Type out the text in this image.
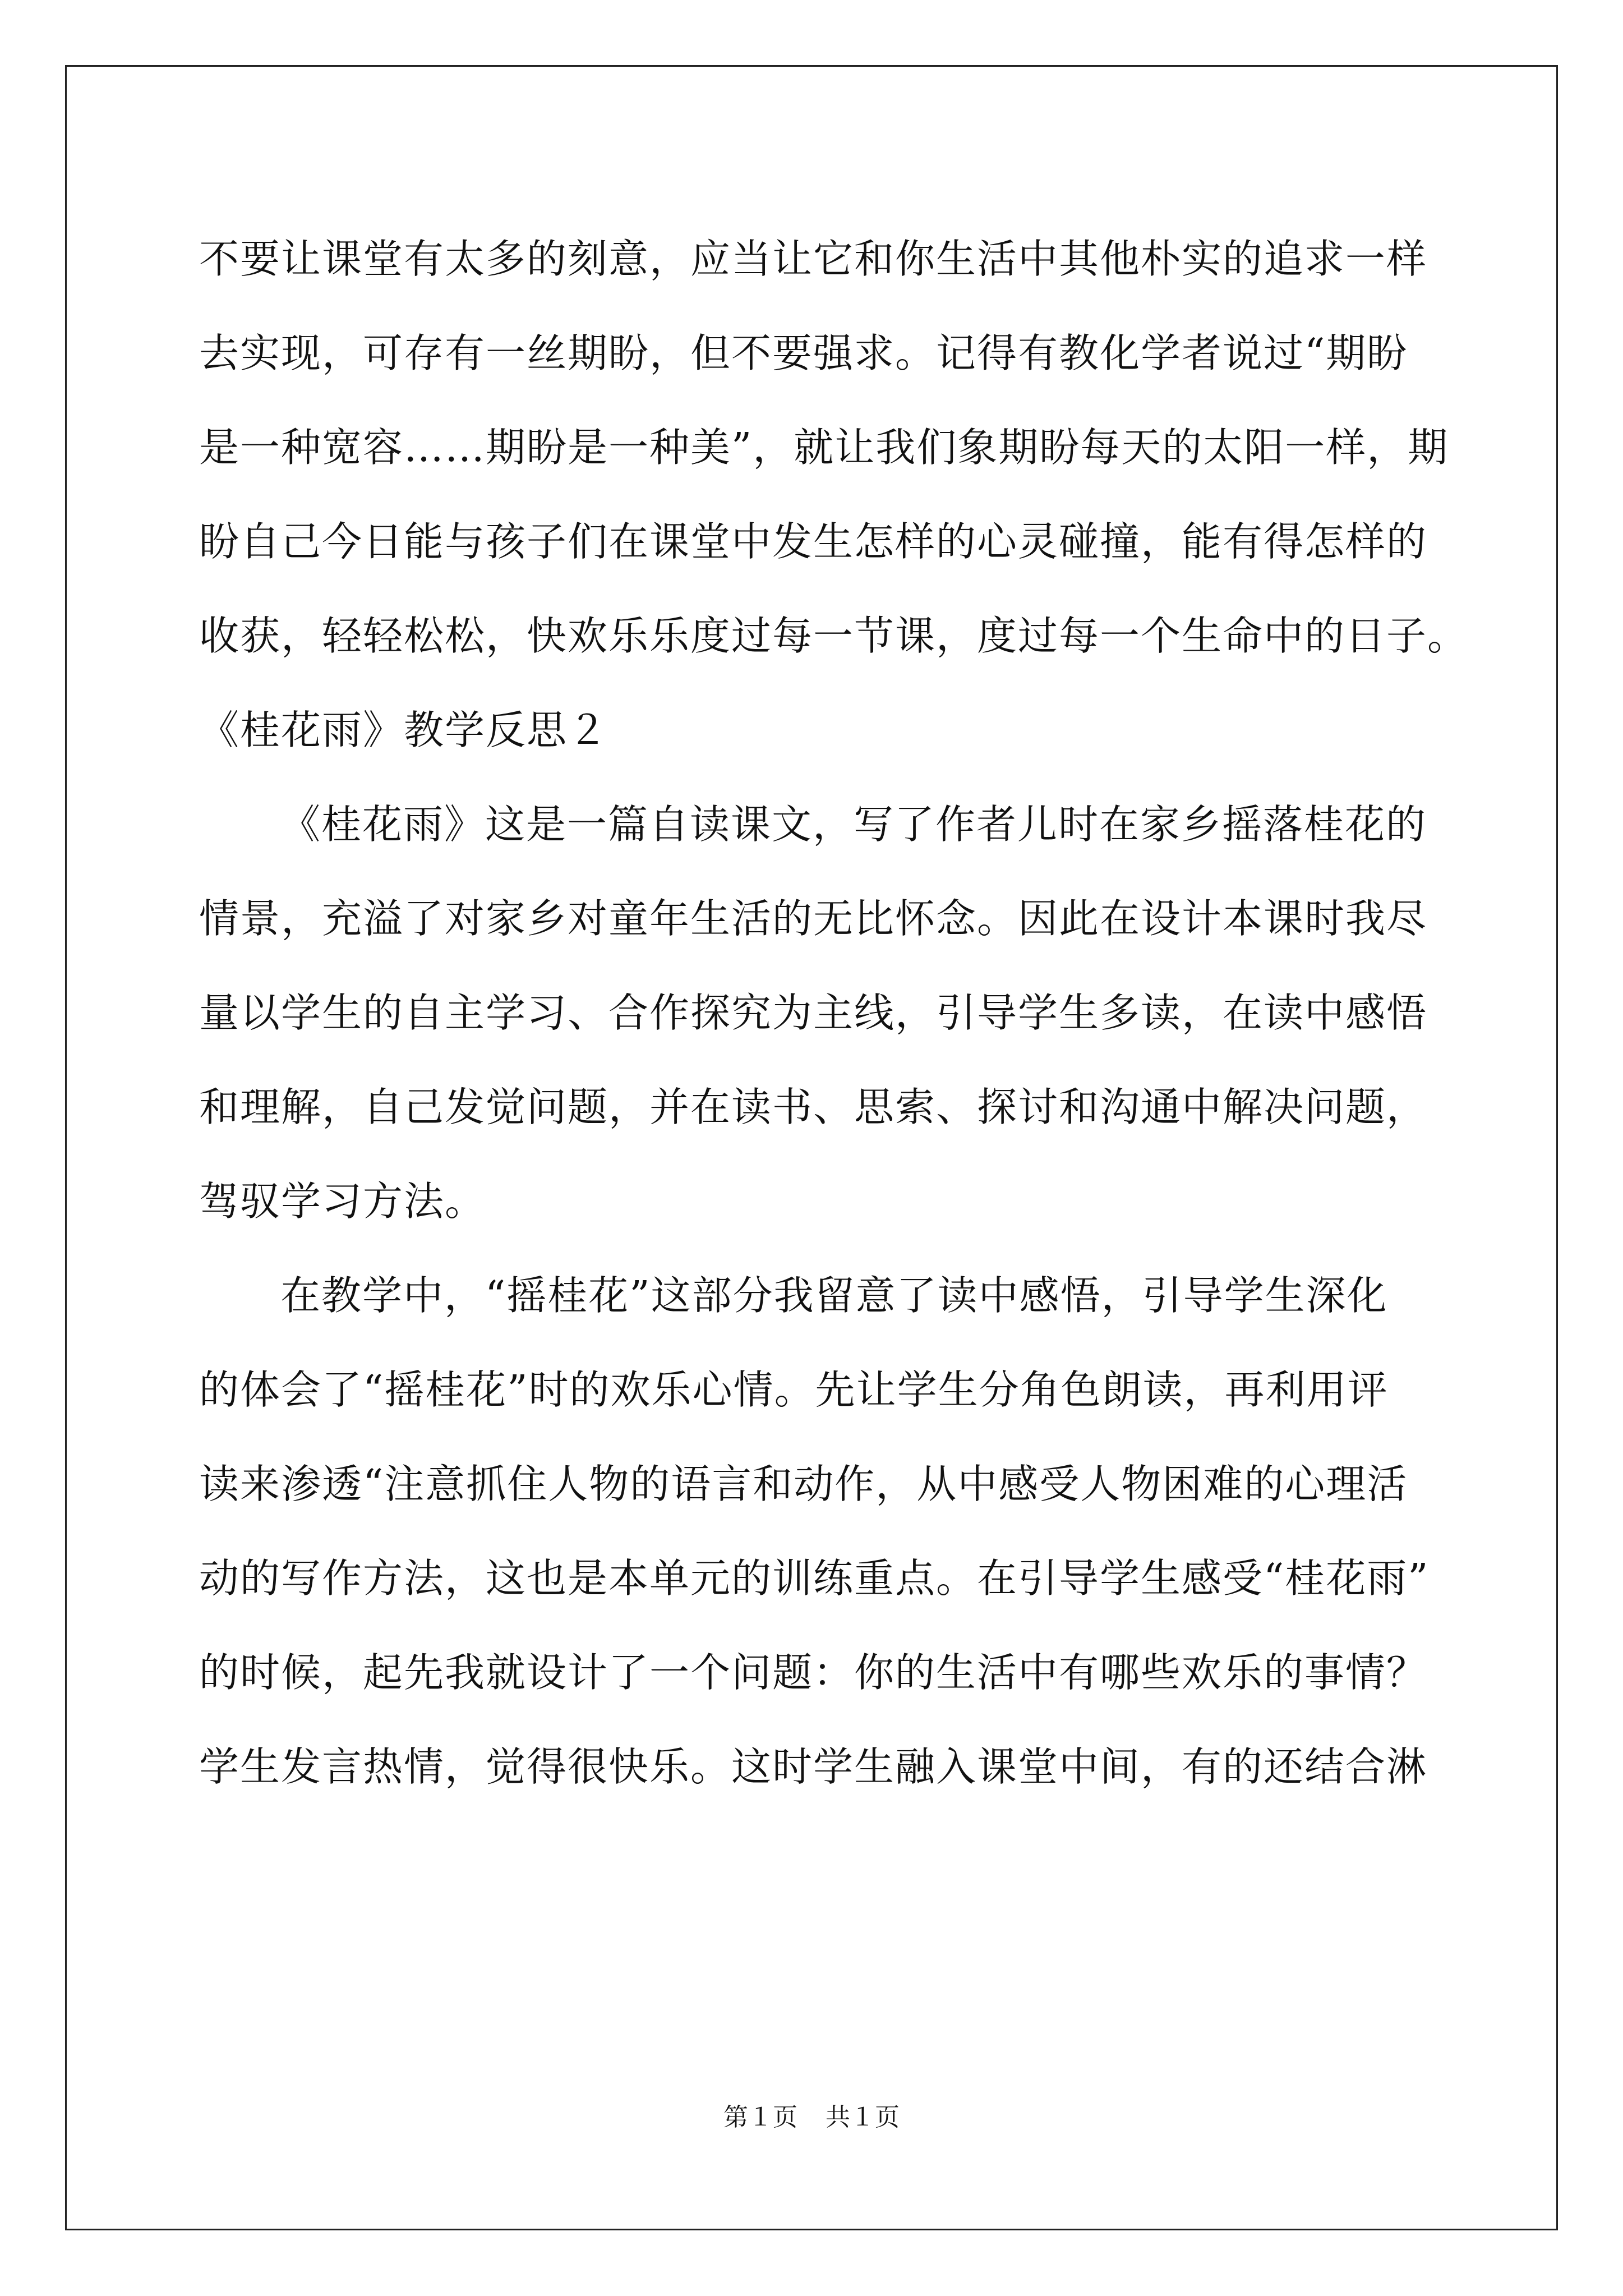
不要让课堂有太多的刻意，应当让它和你生活中其他朴实的追求一样
去实现，可存有一丝期盼，但不要强求。记得有教化学者说过“期盼
是一种宽容……期盼是一种美”，就让我们象期盼每天的太阳一样，期
盼自己今日能与孩子们在课堂中发生怎样的心灵碰撞，能有得怎样的
收获，轻轻松松，快欢乐乐度过每一节课，度过每一个生命中的日子。
《桂花雨》教学反思２
《桂花雨》这是一篇自读课文，写了作者儿时在家乡摇落桂花的
情景，充溢了对家乡对童年生活的无比怀念。因此在设计本课时我尽
量以学生的自主学习、合作探究为主线，引导学生多读，在读中感悟
和理解，自己发觉问题，并在读书、思索、探讨和沟通中解决问题，
驾驭学习方法。
在教学中，“摇桂花”这部分我留意了读中感悟，引导学生深化
的体会了“摇桂花”时的欢乐心情。先让学生分角色朗读，再利用评
读来渗透“注意抓住人物的语言和动作，从中感受人物困难的心理活
动的写作方法，这也是本单元的训练重点。在引导学生感受“桂花雨”
的时候，起先我就设计了一个问题：你的生活中有哪些欢乐的事情？
学生发言热情，觉得很快乐。这时学生融入课堂中间，有的还结合淋
第１页 共１页
